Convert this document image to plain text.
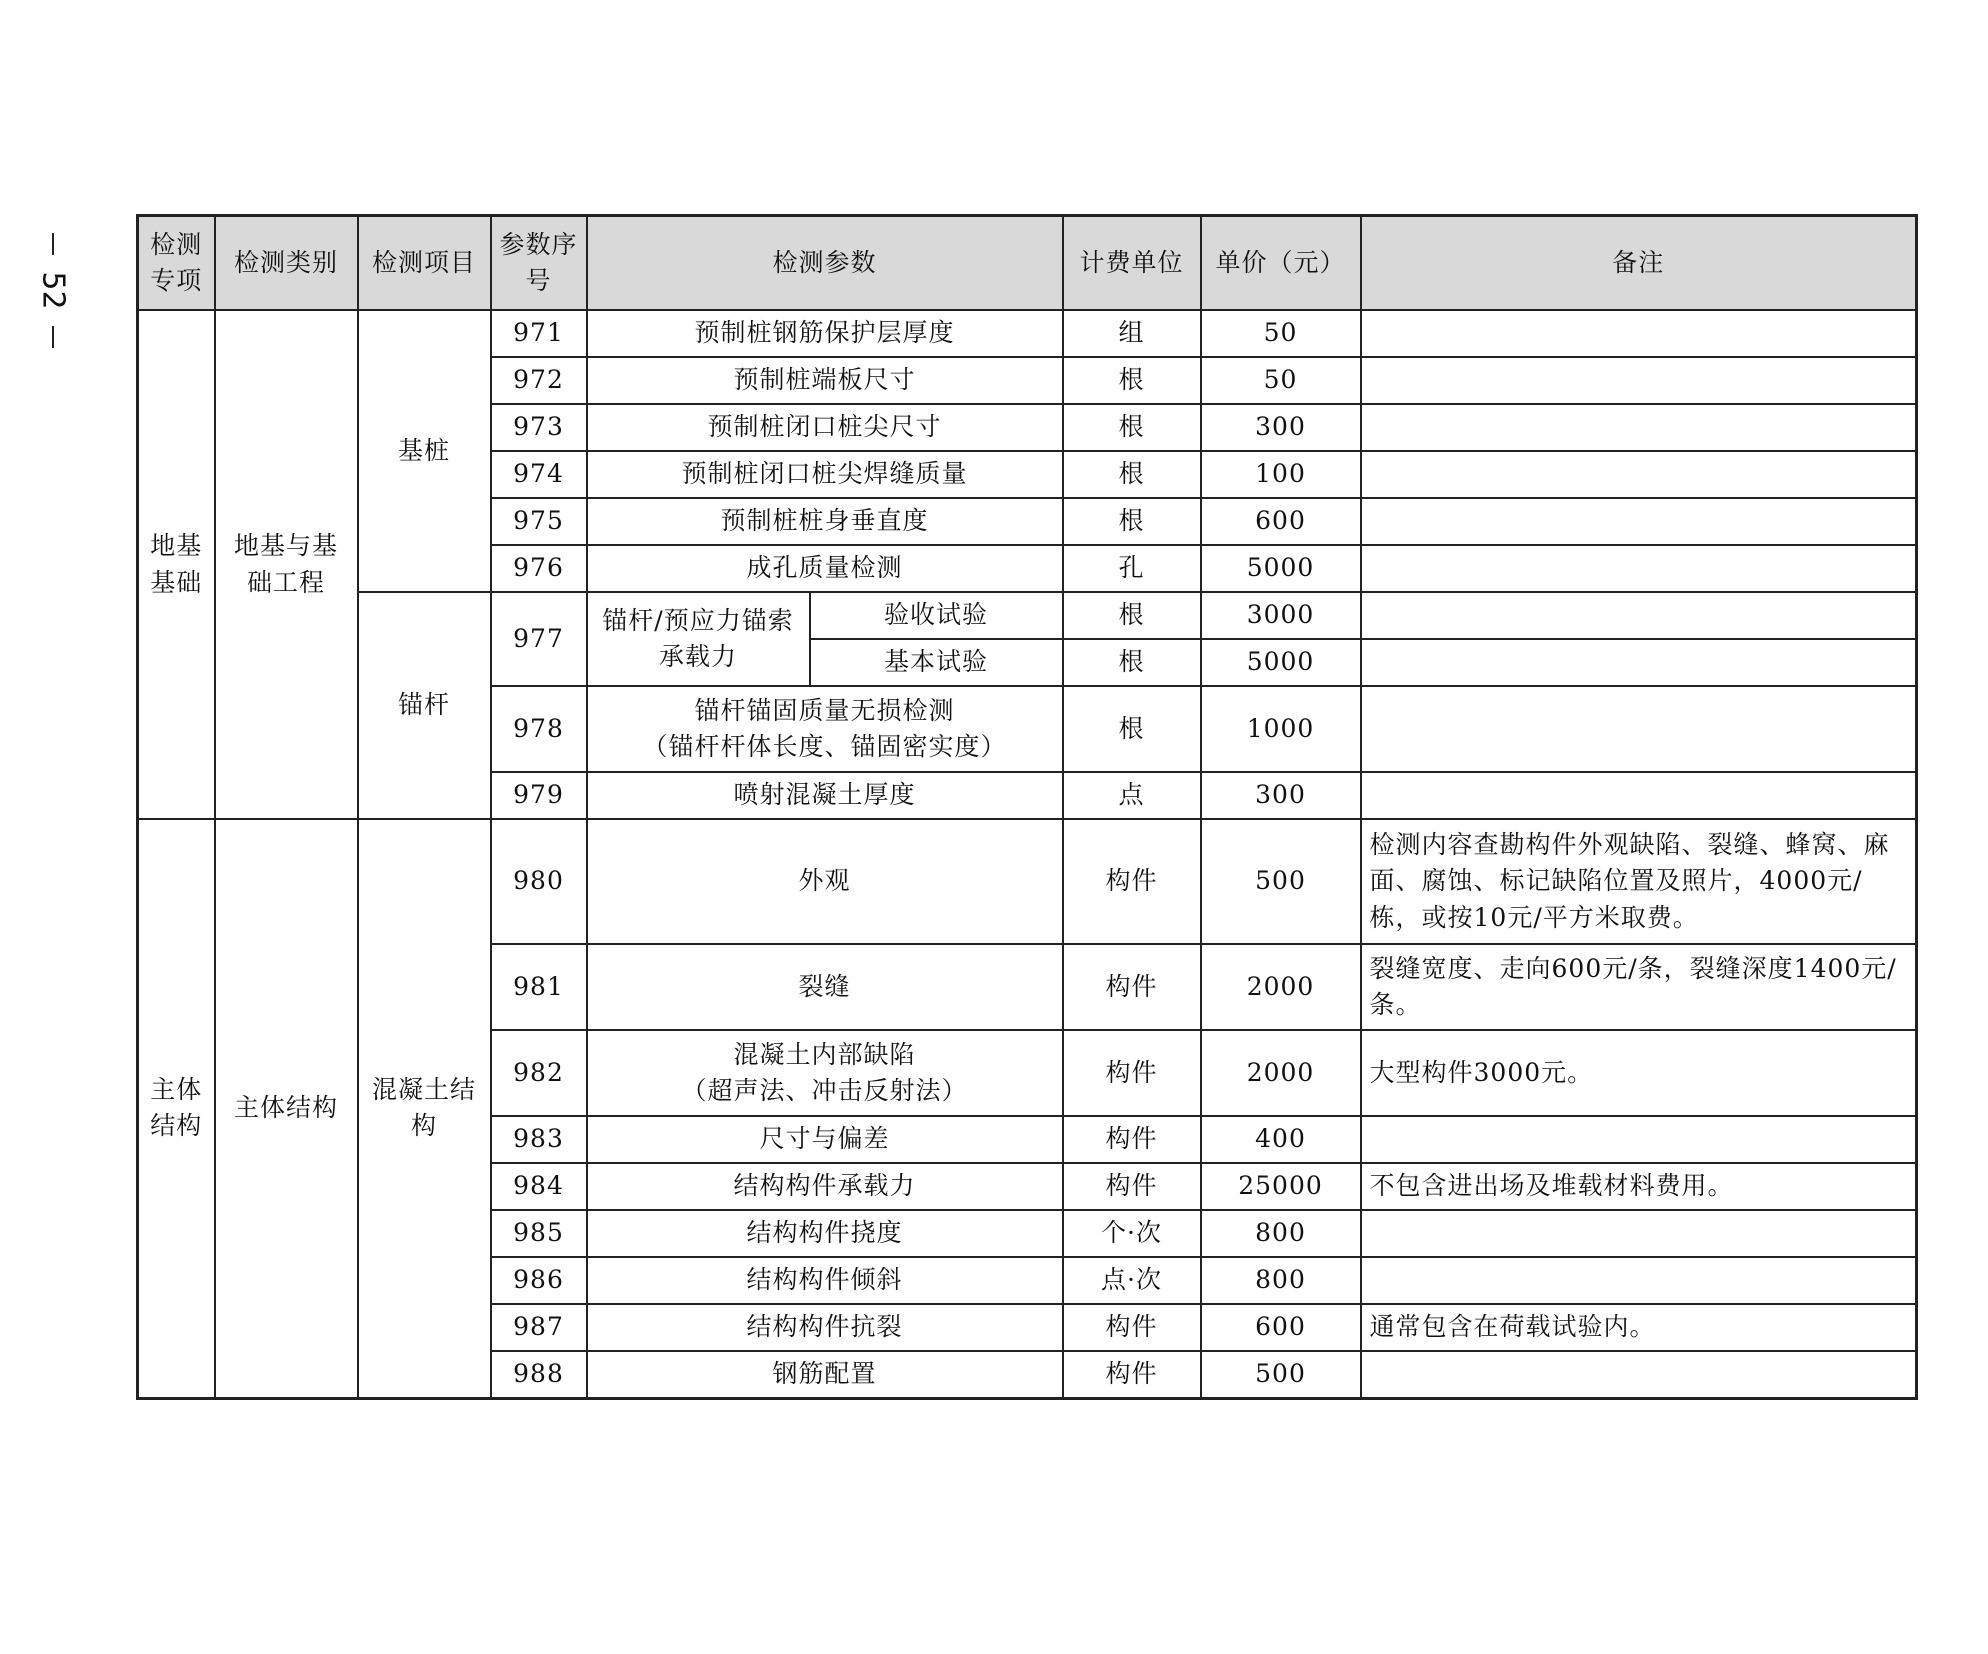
52
检测专项	检测类别	检测项目	参数序号	检测参数		计费单位	单价（元）	备注
地基基础	地基与基础工程	基桩	971	预制桩钢筋保护层厚度		组	50	
			972	预制桩端板尺寸		根	50	
			973	预制桩闭口桩尖尺寸		根	300	
			974	预制桩闭口桩尖焊缝质量		根	100	
			975	预制桩桩身垂直度		根	600	
			976	成孔质量检测		孔	5000	
		锚杆	977	锚杆/预应力锚索承载力	验收试验	根	3000	
					基本试验	根	5000	
			978	锚杆锚固质量无损检测
（锚杆杆体长度、锚固密实度）		根	1000	
			979	喷射混凝土厚度		点	300	
主体结构	主体结构	混凝土结构	980	外观		构件	500	检测内容查勘构件外观缺陷、裂缝、蜂窝、麻面、腐蚀、标记缺陷位置及照片，4000元/栋，或按10元/平方米取费。
			981	裂缝		构件	2000	裂缝宽度、走向600元/条，裂缝深度1400元/条。
			982	混凝土内部缺陷
（超声法、冲击反射法）		构件	2000	大型构件3000元。
			983	尺寸与偏差		构件	400	
			984	结构构件承载力		构件	25000	不包含进出场及堆载材料费用。
			985	结构构件挠度		个·次	800	
			986	结构构件倾斜		点·次	800	
			987	结构构件抗裂		构件	600	通常包含在荷载试验内。
			988	钢筋配置		构件	500	
